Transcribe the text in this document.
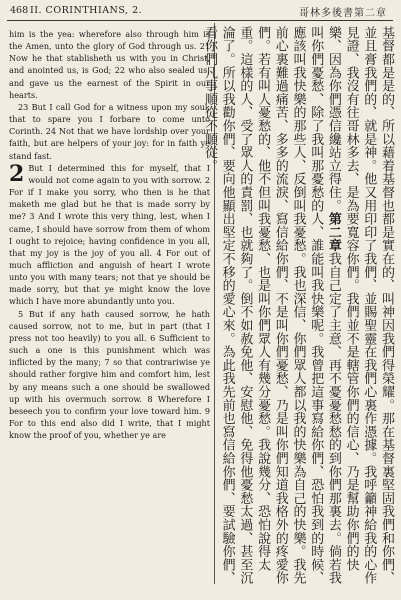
468 II. CORINTHIANS, 2.	哥林多後書第二章

him is the yea: wherefore also through him is the Amen, unto the glory of God through us. 21 Now he that stablisheth us with you in Christ, and anointed us, is God; 22 who also sealed us, and gave us the earnest of the Spirit in our hearts.

23 But I call God for a witness upon my soul, that to spare you I forbare to come unto Corinth. 24 Not that we have lordship over your faith, but are helpers of your joy: for in faith ye stand fast.

2 But I determined this for myself, that I would not come again to you with sorrow. 2 For if I make you sorry, who then is he that maketh me glad but he that is made sorry by me? 3 And I wrote this very thing, lest, when I came, I should have sorrow from them of whom I ought to rejoice; having confidence in you all, that my joy is the joy of you all. 4 For out of much affliction and anguish of heart I wrote unto you with many tears; not that ye should be made sorry, but that ye might know the love which I have more abundantly unto you.

5 But if any hath caused sorrow, he hath caused sorrow, not to me, but in part (that I press not too heavily) to you all. 6 Sufficient to such a one is this punishment which was inflicted by the many; 7 so that contrariwise ye should rather forgive him and comfort him, lest by any means such a one should be swallowed up with his overmuch sorrow. 8 Wherefore I beseech you to confirm your love toward him. 9 For to this end also did I write, that I might know the proof of you, whether ye are	基督都是是的、所以藉着基督也都是實在的、叫神因我們得榮耀。那在基督裏堅固我們和你們、並且膏我們的、就是神。他又用印印了我們、並賜聖靈在我們心裏作憑據。我呼籲神給我的心作見證、我沒有往哥林多去、是為要寬容你們。我們並不是轄管你們的信心、乃是幫助你們的快樂、因為你們憑信纔站立得住。第二章我自己定了主意、再不憂憂愁愁的到你們那裏去。倘若我叫你們憂愁、除了我叫那憂愁的人、誰能叫我快樂呢。我曾把這事寫給你們、恐怕我到的時候、應該叫我快樂的那些人、反倒叫我憂愁。我也深信、你們眾人都以我的快樂為自己的快樂。我先前心裏難過痛苦、多多的流淚、寫信給你們、不是叫你們憂愁、乃是叫你們知道我格外的疼愛你們。若有叫人憂愁的、他不但叫我憂愁、也是叫你們眾人有幾分憂愁。我說幾分、恐怕說得太重。這樣的人、受了眾人的責罰、也就夠了。倒不如赦免他、安慰他、免得他憂愁太過、甚至沉淪了。所以我勸你們、要向他顯出堅定不移的愛心來。為此我先前也寫信給你們、要試驗你們、看你們凡事順從不順從。
